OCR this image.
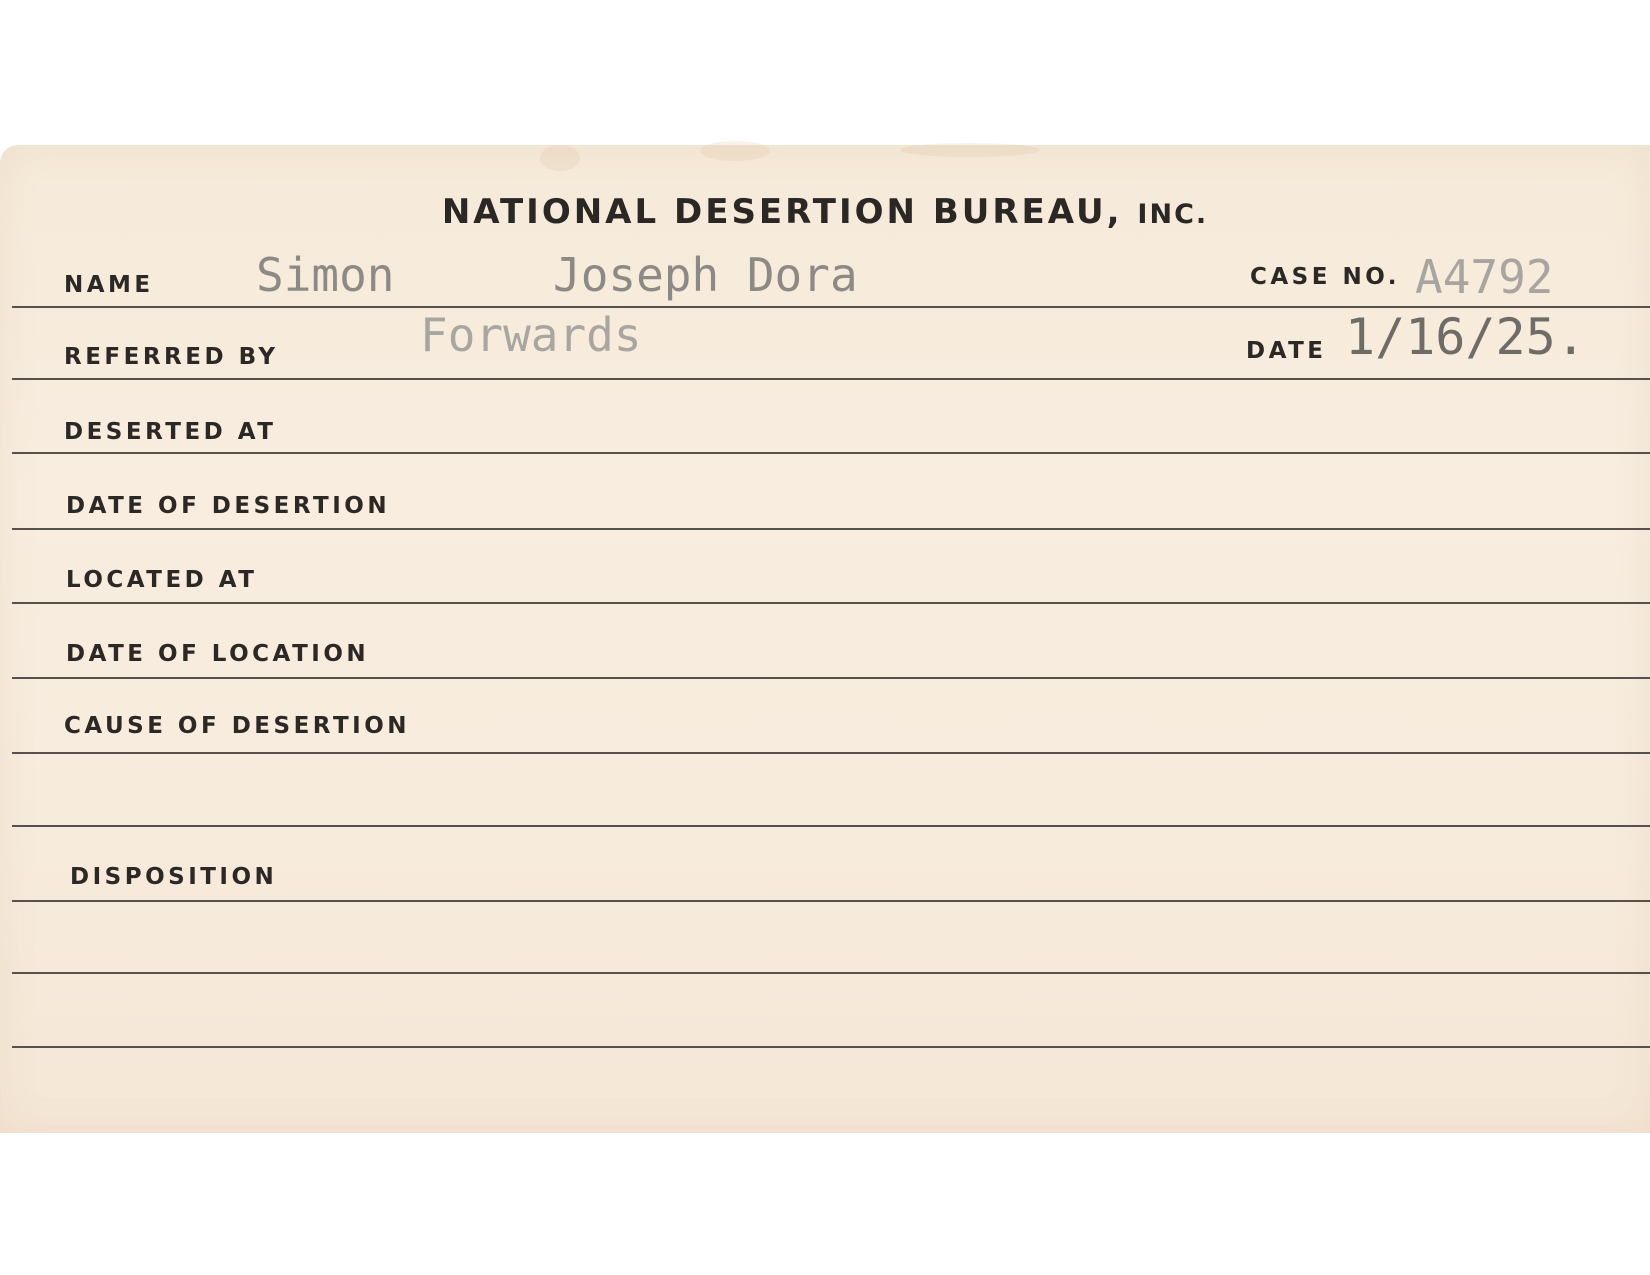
NATIONAL DESERTION BUREAU, INC.
NAME Simon	Joseph Dora	CASE NO. A4792
REFERRED BY	Forwards	DATE 1/16/25.
DESERTED AT
DATE OF DESERTION
LOCATED AT
DATE OF LOCATION
CAUSE OF DESERTION
DISPOSITION
